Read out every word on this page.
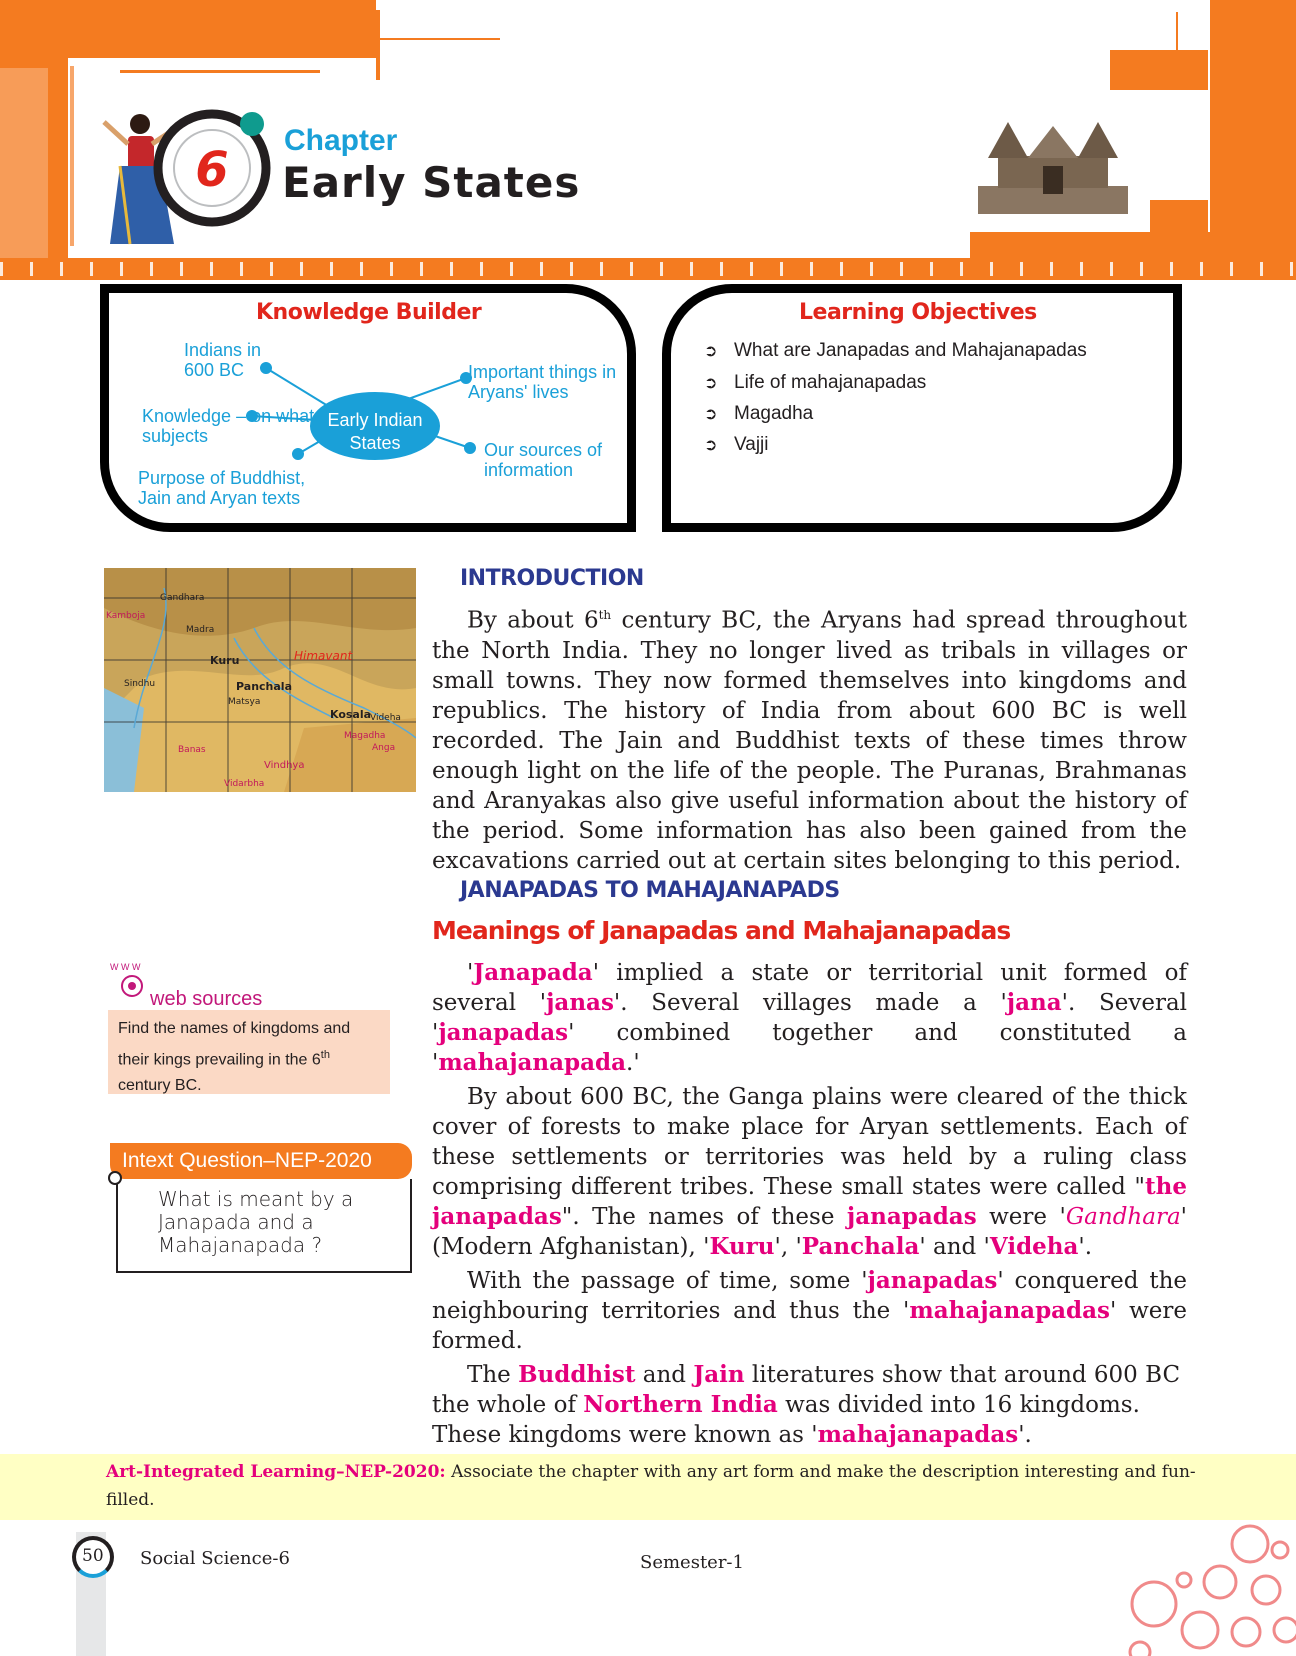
6
Chapter
Early States
Knowledge Builder
Early Indian States
Indians in 600 BC	Important things in Aryans' lives
Knowledge – on what subjects
Our sources of information
Purpose of Buddhist, Jain and Aryan texts
Learning Objectives
➲ What are Janapadas and Mahajanapadas
➲ Life of mahajanapadas
➲ Magadha
➲ Vajji
Gandhara
Kamboja
Madra
Kuru
Panchala
Matsya
Kosala
Videha
Sindhu
Banas
Vindhya
Vidarbha
Himavant
Magadha
Anga
INTRODUCTION

By about 6th century BC, the Aryans had spread throughout the North India. They no longer lived as tribals in villages or small towns. They now formed themselves into kingdoms and republics. The history of India from about 600 BC is well recorded. The Jain and Buddhist texts of these times throw enough light on the life of the people. The Puranas, Brahmanas and Aranyakas also give useful information about the history of the period. Some information has also been gained from the excavations carried out at certain sites belonging to this period.

JANAPADAS TO MAHAJANAPADS
Meanings of Janapadas and Mahajanapadas

'Janapada' implied a state or territorial unit formed of several 'janas'. Several villages made a 'jana'. Several 'janapadas' combined together and constituted a 'mahajanapada.'

By about 600 BC, the Ganga plains were cleared of the thick cover of forests to make place for Aryan settlements. Each of these settlements or territories was held by a ruling class comprising different tribes. These small states were called "the janapadas". The names of these janapadas were 'Gandhara' (Modern Afghanistan), 'Kuru', 'Panchala' and 'Videha'.

With the passage of time, some 'janapadas' conquered the neighbouring territories and thus the 'mahajanapadas' were formed.

The Buddhist and Jain literatures show that around 600 BC the whole of Northern India was divided into 16 kingdoms. These kingdoms were known as 'mahajanapadas'.

W W W
web sources
Find the names of kingdoms and their kings prevailing in the 6th century BC.
Intext Question–NEP-2020
What is meant by a Janapada and a Mahajanapada ?
Art-Integrated Learning–NEP-2020: Associate the chapter with any art form and make the description interesting and fun-filled.
50 Social Science-6	Semester-1
